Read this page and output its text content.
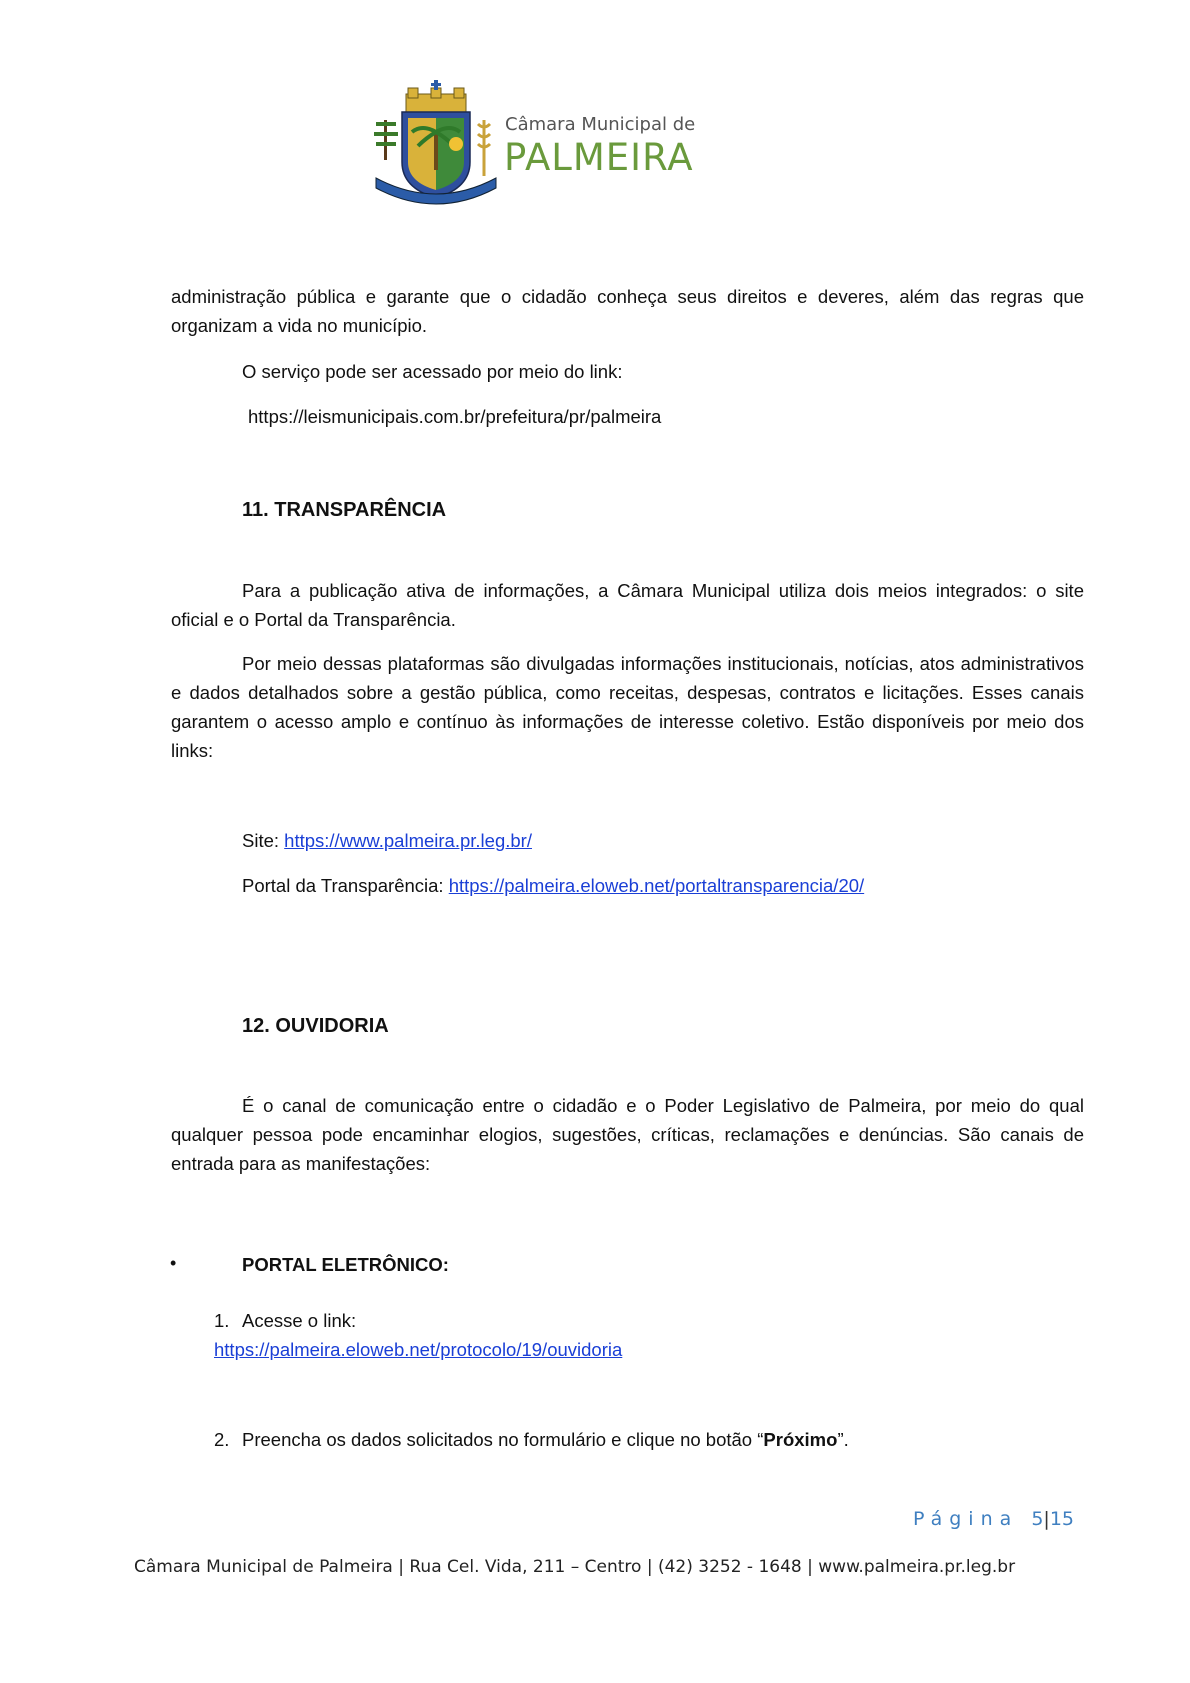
Câmara Municipal de
PALMEIRA
administração pública e garante que o cidadão conheça seus direitos e deveres, além das regras que organizam a vida no município.
O serviço pode ser acessado por meio do link:
https://leismunicipais.com.br/prefeitura/pr/palmeira
11. TRANSPARÊNCIA
Para a publicação ativa de informações, a Câmara Municipal utiliza dois meios integrados: o site oficial e o Portal da Transparência.
Por meio dessas plataformas são divulgadas informações institucionais, notícias, atos administrativos e dados detalhados sobre a gestão pública, como receitas, despesas, contratos e licitações. Esses canais garantem o acesso amplo e contínuo às informações de interesse coletivo. Estão disponíveis por meio dos links:
Site: https://www.palmeira.pr.leg.br/
Portal da Transparência: https://palmeira.eloweb.net/portaltransparencia/20/
12. OUVIDORIA
É o canal de comunicação entre o cidadão e o Poder Legislativo de Palmeira, por meio do qual qualquer pessoa pode encaminhar elogios, sugestões, críticas, reclamações e denúncias. São canais de entrada para as manifestações:
•	PORTAL ELETRÔNICO:
1. Acesse o link:
https://palmeira.eloweb.net/protocolo/19/ouvidoria
2. Preencha os dados solicitados no formulário e clique no botão “Próximo”.
Página 5|15
Câmara Municipal de Palmeira | Rua Cel. Vida, 211 – Centro | (42) 3252 - 1648 | www.palmeira.pr.leg.br
